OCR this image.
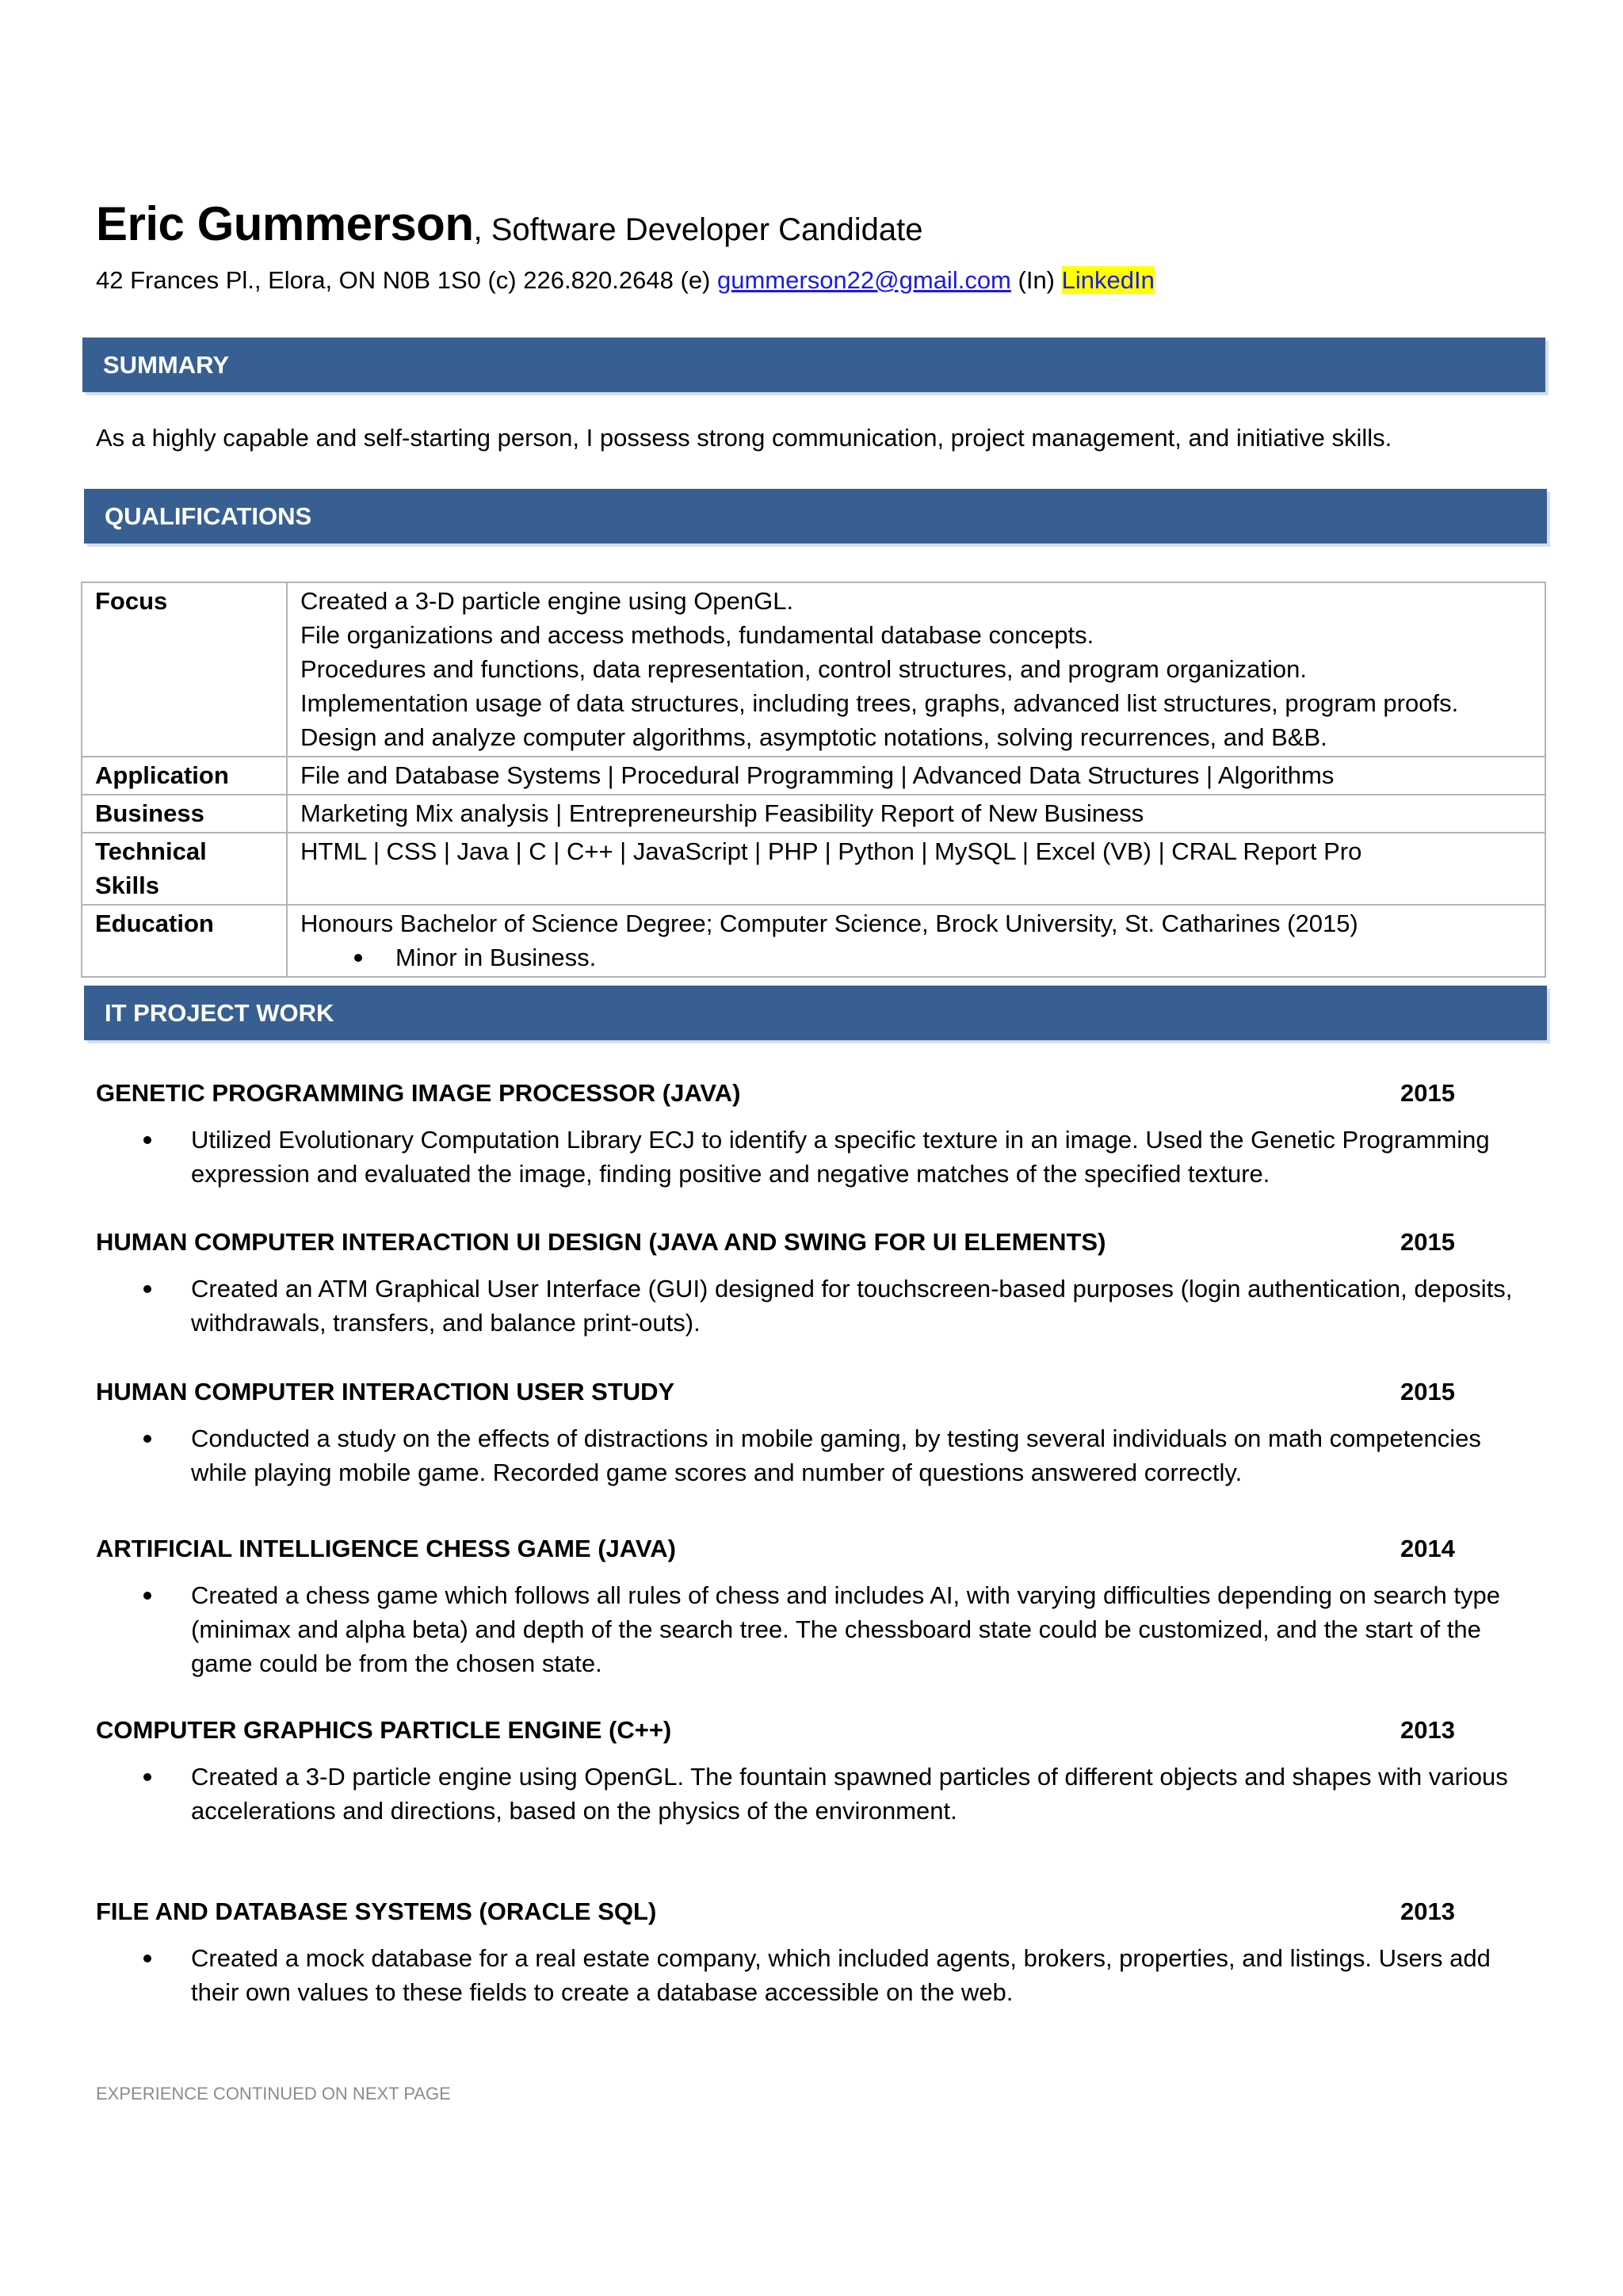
Eric Gummerson, Software Developer Candidate
42 Frances Pl., Elora, ON N0B 1S0 (c) 226.820.2648 (e) gummerson22@gmail.com (In) LinkedIn
SUMMARY
As a highly capable and self-starting person, I possess strong communication, project management, and initiative skills.
QUALIFICATIONS
Focus	Created a 3-D particle engine using OpenGL.
File organizations and access methods, fundamental database concepts.
Procedures and functions, data representation, control structures, and program organization.
Implementation usage of data structures, including trees, graphs, advanced list structures, program proofs.
Design and analyze computer algorithms, asymptotic notations, solving recurrences, and B&B.

Application	File and Database Systems | Procedural Programming | Advanced Data Structures | Algorithms
Business	Marketing Mix analysis | Entrepreneurship Feasibility Report of New Business
Technical Skills	HTML | CSS | Java | C | C++ | JavaScript | PHP | Python | MySQL | Excel (VB) | CRAL Report Pro
Education	Honours Bachelor of Science Degree; Computer Science, Brock University, St. Catharines (2015)
Minor in Business.
IT PROJECT WORK
GENETIC PROGRAMMING IMAGE PROCESSOR (JAVA)	2015
Utilized Evolutionary Computation Library ECJ to identify a specific texture in an image. Used the Genetic Programming expression and evaluated the image, finding positive and negative matches of the specified texture.
HUMAN COMPUTER INTERACTION UI DESIGN (JAVA AND SWING FOR UI ELEMENTS)	2015
Created an ATM Graphical User Interface (GUI) designed for touchscreen-based purposes (login authentication, deposits, withdrawals, transfers, and balance print-outs).
HUMAN COMPUTER INTERACTION USER STUDY	2015
Conducted a study on the effects of distractions in mobile gaming, by testing several individuals on math competencies while playing mobile game. Recorded game scores and number of questions answered correctly.
ARTIFICIAL INTELLIGENCE CHESS GAME (JAVA)	2014
Created a chess game which follows all rules of chess and includes AI, with varying difficulties depending on search type (minimax and alpha beta) and depth of the search tree. The chessboard state could be customized, and the start of the game could be from the chosen state.
COMPUTER GRAPHICS PARTICLE ENGINE (C++)	2013
Created a 3-D particle engine using OpenGL. The fountain spawned particles of different objects and shapes with various accelerations and directions, based on the physics of the environment.
FILE AND DATABASE SYSTEMS (ORACLE SQL)	2013
Created a mock database for a real estate company, which included agents, brokers, properties, and listings. Users add their own values to these fields to create a database accessible on the web.
EXPERIENCE CONTINUED ON NEXT PAGE
